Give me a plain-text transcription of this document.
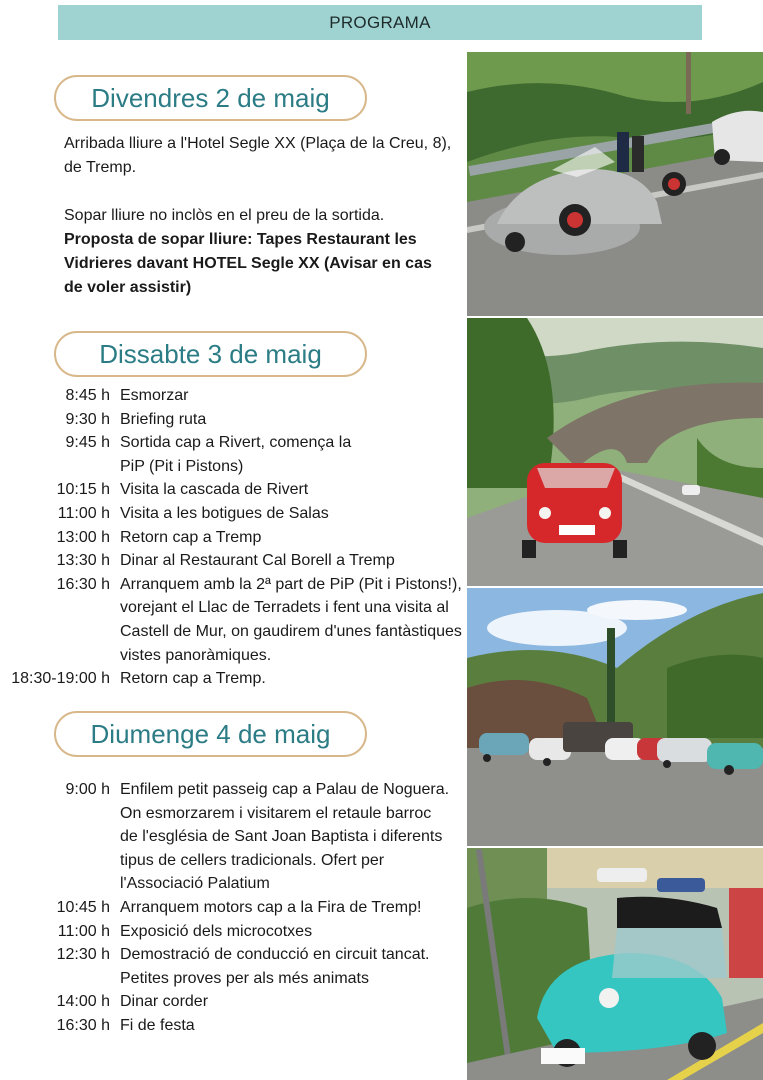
PROGRAMA
Divendres 2 de maig

Arribada lliure a l'Hotel Segle XX (Plaça de la Creu, 8), de Tremp.

Sopar lliure no inclòs en el preu de la sortida.

Proposta de sopar lliure: Tapes Restaurant les Vidrieres davant HOTEL Segle XX (Avisar en cas de voler assistir)

Dissabte 3 de maig
8:45 h Esmorzar
9:30 h Briefing ruta
9:45 h Sortida cap a Rivert, comença la PiP (Pit i Pistons)
10:15 h Visita la cascada de Rivert
11:00 h Visita a les botigues de Salas
13:00 h Retorn cap a Tremp
13:30 h Dinar al Restaurant Cal Borell a Tremp
16:30 h Arranquem amb la 2ª part de PiP (Pit i Pistons!), vorejant el Llac de Terradets i fent una visita al Castell de Mur, on gaudirem d'unes fantàstiques vistes panoràmiques.
18:30-19:00 h Retorn cap a Tremp.
Diumenge 4 de maig
9:00 h Enfilem petit passeig cap a Palau de Noguera. On esmorzarem i visitarem el retaule barroc de l'església de Sant Joan Baptista i diferents tipus de cellers tradicionals. Ofert per l'Associació Palatium
10:45 h Arranquem motors cap a la Fira de Tremp!
11:00 h Exposició dels microcotxes
12:30 h Demostració de conducció en circuit tancat. Petites proves per als més animats
14:00 h Dinar corder
16:30 h Fi de festa
